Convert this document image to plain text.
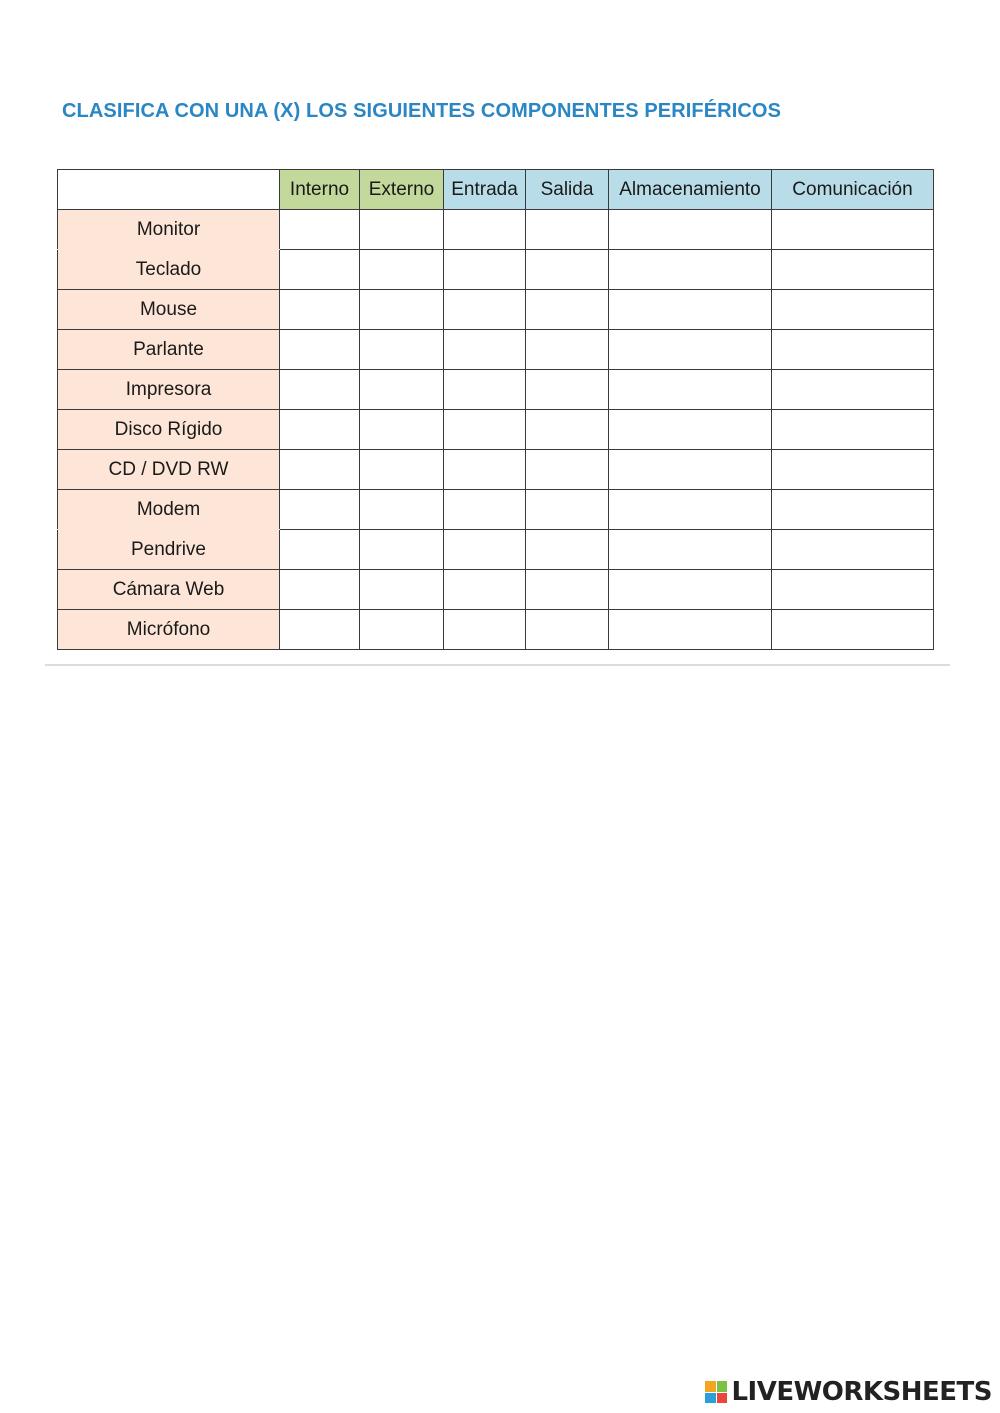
CLASIFICA CON UNA (X) LOS SIGUIENTES COMPONENTES PERIFÉRICOS
	Interno	Externo	Entrada	Salida	Almacenamiento	Comunicación
Monitor						
Teclado						
Mouse						
Parlante						
Impresora						
Disco Rígido						
CD / DVD RW						
Modem						
Pendrive						
Cámara Web						
Micrófono						
LIVEWORKSHEETS
